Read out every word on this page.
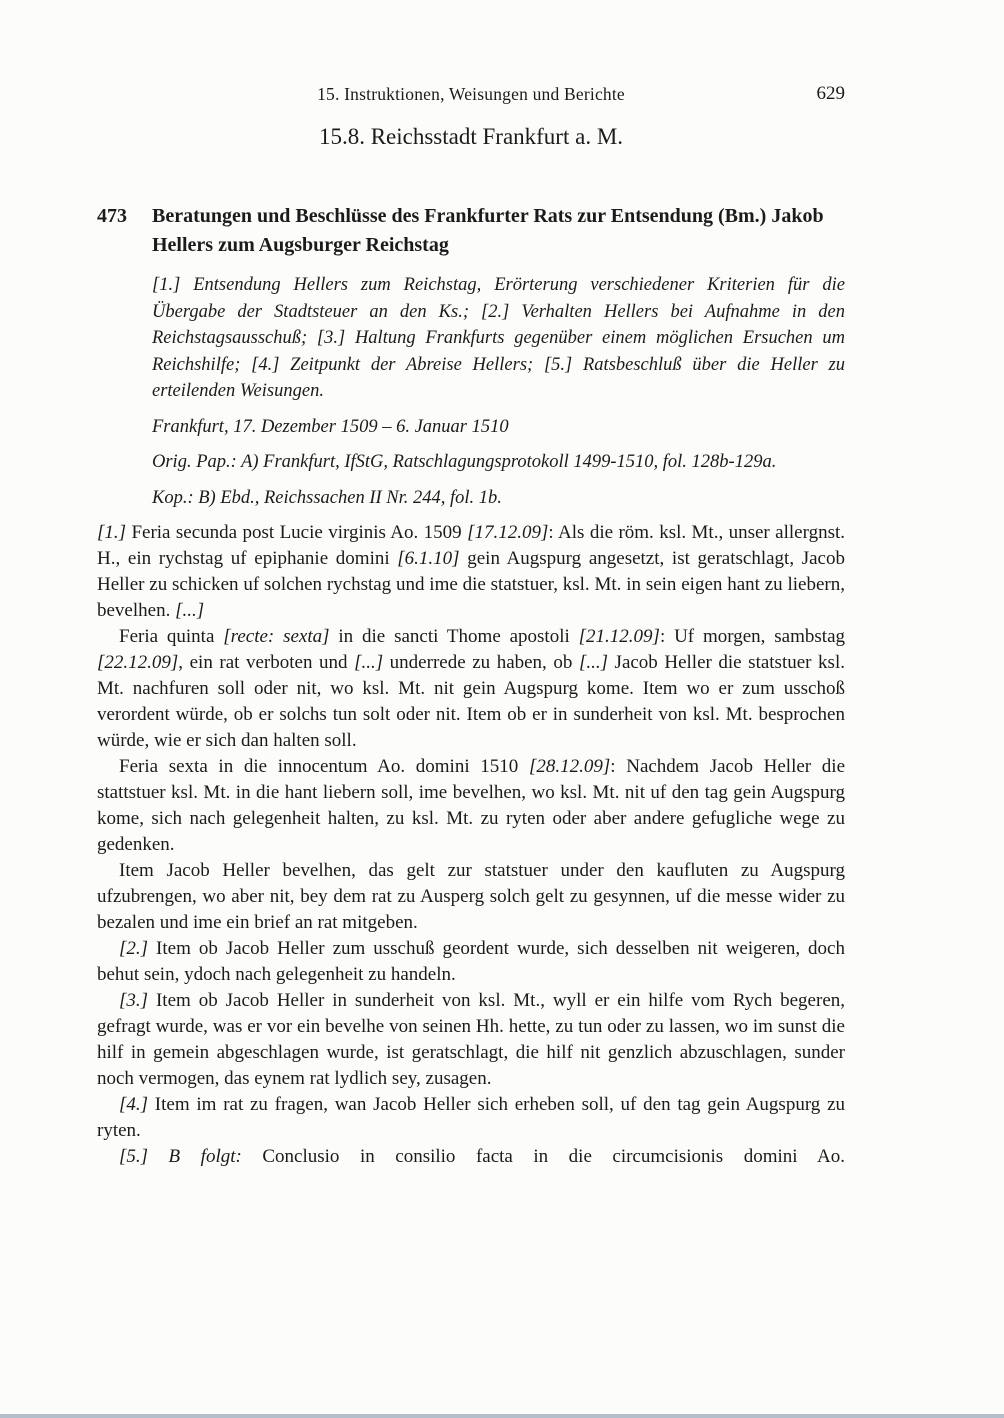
15. Instruktionen, Weisungen und Berichte	629
15.8. Reichsstadt Frankfurt a. M.
473	Beratungen und Beschlüsse des Frankfurter Rats zur Entsendung (Bm.) Jakob Hellers zum Augsburger Reichstag

[1.] Entsendung Hellers zum Reichstag, Erörterung verschiedener Kriterien für die Übergabe der Stadtsteuer an den Ks.; [2.] Verhalten Hellers bei Aufnahme in den Reichstagsausschuß; [3.] Haltung Frankfurts gegenüber einem möglichen Ersuchen um Reichshilfe; [4.] Zeitpunkt der Abreise Hellers; [5.] Ratsbeschluß über die Heller zu erteilenden Weisungen.

Frankfurt, 17. Dezember 1509 – 6. Januar 1510

Orig. Pap.: A) Frankfurt, IfStG, Ratschlagungsprotokoll 1499-1510, fol. 128b-129a.

Kop.: B) Ebd., Reichssachen II Nr. 244, fol. 1b.

[1.] Feria secunda post Lucie virginis Ao. 1509 [17.12.09]: Als die röm. ksl. Mt., unser allergnst. H., ein rychstag uf epiphanie domini [6.1.10] gein Augspurg angesetzt, ist geratschlagt, Jacob Heller zu schicken uf solchen rychstag und ime die statstuer, ksl. Mt. in sein eigen hant zu liebern, bevelhen. [...]

Feria quinta [recte: sexta] in die sancti Thome apostoli [21.12.09]: Uf morgen, sambstag [22.12.09], ein rat verboten und [...] underrede zu haben, ob [...] Jacob Heller die statstuer ksl. Mt. nachfuren soll oder nit, wo ksl. Mt. nit gein Augspurg kome. Item wo er zum usschoß verordent würde, ob er solchs tun solt oder nit. Item ob er in sunderheit von ksl. Mt. besprochen würde, wie er sich dan halten soll.

Feria sexta in die innocentum Ao. domini 1510 [28.12.09]: Nachdem Jacob Heller die stattstuer ksl. Mt. in die hant liebern soll, ime bevelhen, wo ksl. Mt. nit uf den tag gein Augspurg kome, sich nach gelegenheit halten, zu ksl. Mt. zu ryten oder aber andere gefugliche wege zu gedenken.

Item Jacob Heller bevelhen, das gelt zur statstuer under den kaufluten zu Augspurg ufzubrengen, wo aber nit, bey dem rat zu Ausperg solch gelt zu gesynnen, uf die messe wider zu bezalen und ime ein brief an rat mitgeben.

[2.] Item ob Jacob Heller zum usschuß geordent wurde, sich desselben nit weigeren, doch behut sein, ydoch nach gelegenheit zu handeln.

[3.] Item ob Jacob Heller in sunderheit von ksl. Mt., wyll er ein hilfe vom Rych begeren, gefragt wurde, was er vor ein bevelhe von seinen Hh. hette, zu tun oder zu lassen, wo im sunst die hilf in gemein abgeschlagen wurde, ist geratschlagt, die hilf nit genzlich abzuschlagen, sunder noch vermogen, das eynem rat lydlich sey, zusagen.

[4.] Item im rat zu fragen, wan Jacob Heller sich erheben soll, uf den tag gein Augspurg zu ryten.

[5.] B folgt: Conclusio in consilio facta in die circumcisionis domini Ao.
